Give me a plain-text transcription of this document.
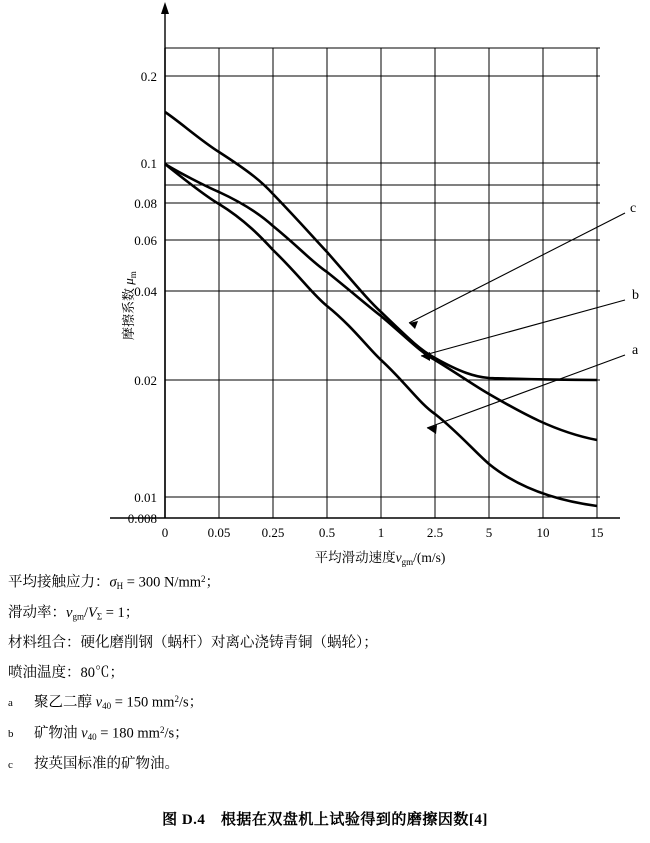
0.008
0.01
0.02
0.04
0.06
0.08
0.1
0.2
0	0.05 0.25	0.5	1	2.5	5	10	15
摩擦系数 $\mu_m$
平均滑动速度$v_{gm}/(m/s)$
c
b
a
平均接触应力：$\sigma_H = 300$ $N/mm^2$；
滑动率：$v_{gm}/V_\Sigma = 1$；
材料组合：硬化磨削钢（蜗杆）对离心浇铸青铜（蜗轮）；
喷油温度：80℃；
a	聚乙二醇 $\nu_{40} = 150$ $mm^2/s$；
b	矿物油 $\nu_{40} = 180$ $mm^2/s$；
c	按英国标准的矿物油。
图 D.4　根据在双盘机上试验得到的磨擦因数[4]
